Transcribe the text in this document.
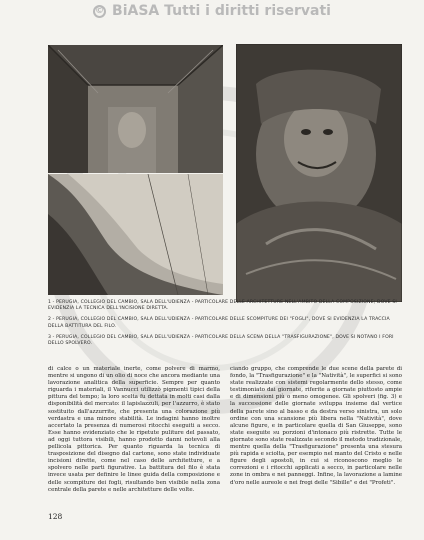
© BiASA Tutti i diritti riservati
1 - PERUGIA, COLLEGIO DEL CAMBIO, SALA DELL'UDIENZA - PARTICOLARE DELLE ARCHITETTURE NELL'AMBITO DELLA COMPOSIZIONE; DOVE SI EVIDENZIA LA TECNICA DELL'INCISIONE DIRETTA.
2 - PERUGIA, COLLEGIO DEL CAMBIO, SALA DELL'UDIENZA - PARTICOLARE DELLE SCOMPITURE DEI "FOGLI", DOVE SI EVIDENZIA LA TRACCIA DELLA BATTITURA DEL FILO.
3 - PERUGIA, COLLEGIO DEL CAMBIO, SALA DELL'UDIENZA - PARTICOLARE DELLA SCENA DELLA "TRASFIGURAZIONE", DOVE SI NOTANO I FORI DELLO SPOLVERO.
di calce o un materiale inerte, come polvere di marmo, mentre si ungono di un olio di noce che ancora mediante una lavorazione analitica della superficie. Sempre per quanto riguarda i materiali, il Vannucci utilizzò pigmenti tipici della pittura del tempo; la loro scelta fu dettata in molti casi dalla disponibilità del mercato: il lapislazzuli, per l'azzurro, è stato sostituito dall'azzurrite, che presenta una colorazione più verdastra e una minore stabilità. Le indagini hanno inoltre accertato la presenza di numerosi ritocchi eseguiti a secco. Esse hanno evidenziato che le ripetute puliture del passato, ad oggi tuttora visibili, hanno prodotto danni notevoli alla pellicola pittorica. Per quanto riguarda la tecnica di trasposizione del disegno dal cartone, sono state individuate incisioni dirette, come nel caso delle architetture, e a spolvero nelle parti figurative. La battitura del filo è stata invece usata per definire le linee guida della composizione e delle scompiture dei fogli, risultando ben visibile nella zona centrale della parete e nelle architetture delle volte.
ciando gruppo, che comprende le due scene della parete di fondo, la "Trasfigurazione" e la "Natività", le superfici si sono state realizzate con sistemi regolarmente dello stesso, come testimoniato dai giornate, riferite a giornate piuttosto ampie e di dimensioni più o meno omogenee. Gli spolveri (fig. 3) e la successione delle giornate sviluppa insieme dal vertice della parete sino al basso e da destra verso sinistra, un solo ordine con una scansione più libera nella "Natività", dove alcune figure, e in particolare quella di San Giuseppe, sono state eseguite su porzioni d'intonaco più ristrette. Tutte le giornate sono state realizzate secondo il metodo tradizionale, mentre quella della "Trasfigurazione" presenta una stesura più rapida e sciolta, per esempio nel manto del Cristo e nelle figure degli apostoli, in cui si riconoscono meglio le correzioni e i ritocchi applicati a secco, in particolare nelle zone in ombra e nei panneggi. Infine, la lavorazione a lamine d'oro nelle aureole e nei fregi delle "Sibille" e dei "Profeti".
128
